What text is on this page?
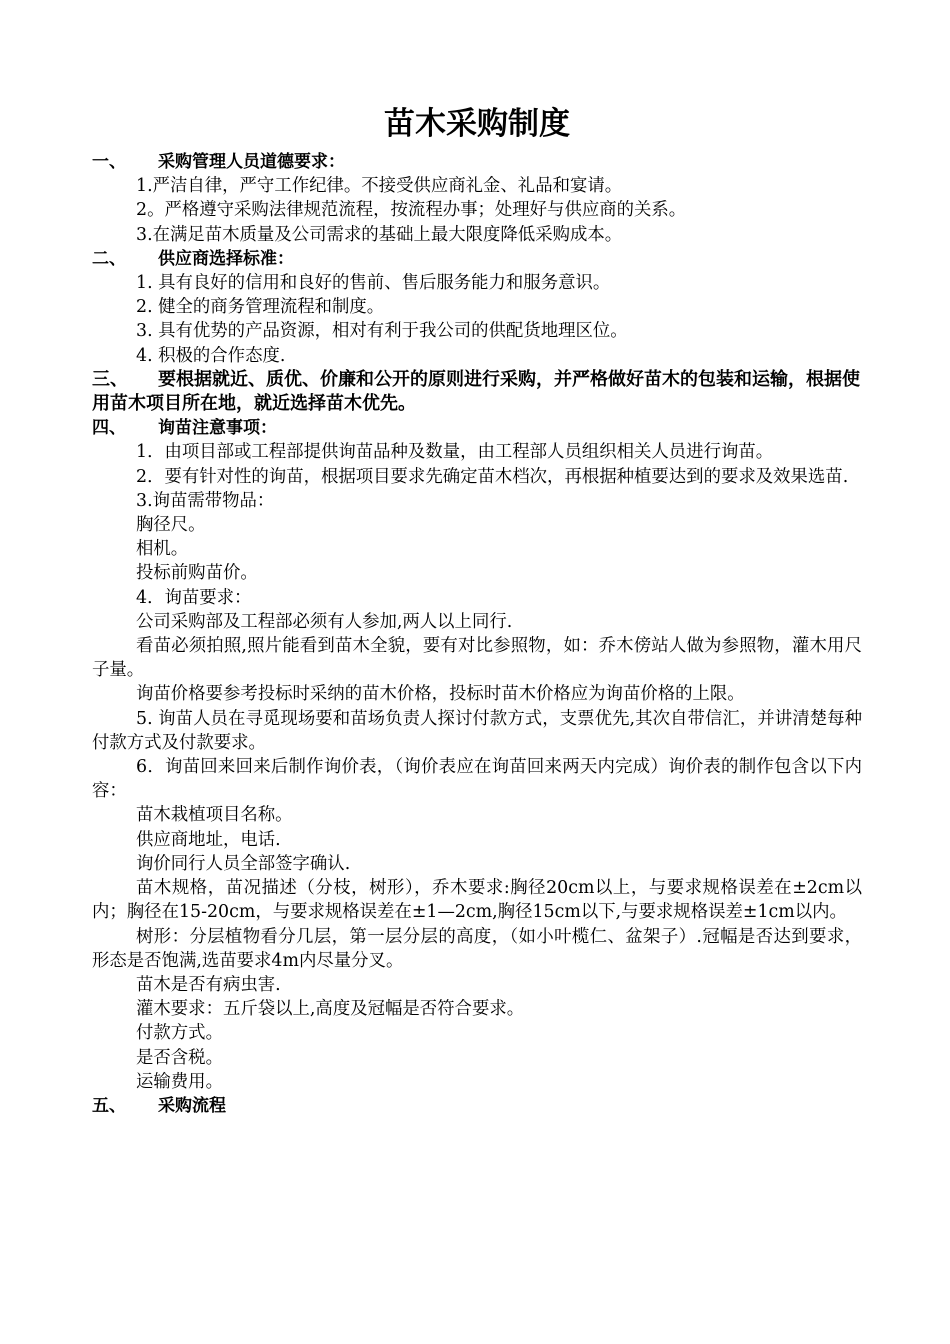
苗木采购制度

一、 采购管理人员道德要求：

1.严洁自律，严守工作纪律。不接受供应商礼金、礼品和宴请。

2。严格遵守采购法律规范流程，按流程办事；处理好与供应商的关系。

3.在满足苗木质量及公司需求的基础上最大限度降低采购成本。

二、 供应商选择标准：

1. 具有良好的信用和良好的售前、售后服务能力和服务意识。

2. 健全的商务管理流程和制度。

3. 具有优势的产品资源，相对有利于我公司的供配货地理区位。

4. 积极的合作态度.

三、 要根据就近、质优、价廉和公开的原则进行采购，并严格做好苗木的包装和运输，根据使用苗木项目所在地，就近选择苗木优先。

四、 询苗注意事项：

1．由项目部或工程部提供询苗品种及数量，由工程部人员组织相关人员进行询苗。

2．要有针对性的询苗，根据项目要求先确定苗木档次，再根据种植要达到的要求及效果选苗.

3.询苗需带物品：

胸径尺。

相机。

投标前购苗价。

4．询苗要求：

公司采购部及工程部必须有人参加,两人以上同行.

看苗必须拍照,照片能看到苗木全貌，要有对比参照物，如：乔木傍站人做为参照物，灌木用尺子量。

询苗价格要参考投标时采纳的苗木价格，投标时苗木价格应为询苗价格的上限。

5. 询苗人员在寻觅现场要和苗场负责人探讨付款方式，支票优先,其次自带信汇，并讲清楚每种付款方式及付款要求。

6．询苗回来回来后制作询价表，（询价表应在询苗回来两天内完成）询价表的制作包含以下内容：

苗木栽植项目名称。

供应商地址，电话.

询价同行人员全部签字确认.

苗木规格，苗况描述（分枝，树形），乔木要求:胸径20cm以上，与要求规格误差在±2cm以内；胸径在15-20cm，与要求规格误差在±1—2cm,胸径15cm以下,与要求规格误差±1cm以内。

树形：分层植物看分几层，第一层分层的高度，（如小叶榄仁、盆架子）.冠幅是否达到要求，形态是否饱满,选苗要求4m内尽量分叉。

苗木是否有病虫害.

灌木要求：五斤袋以上,高度及冠幅是否符合要求。

付款方式。

是否含税。

运输费用。

五、 采购流程
